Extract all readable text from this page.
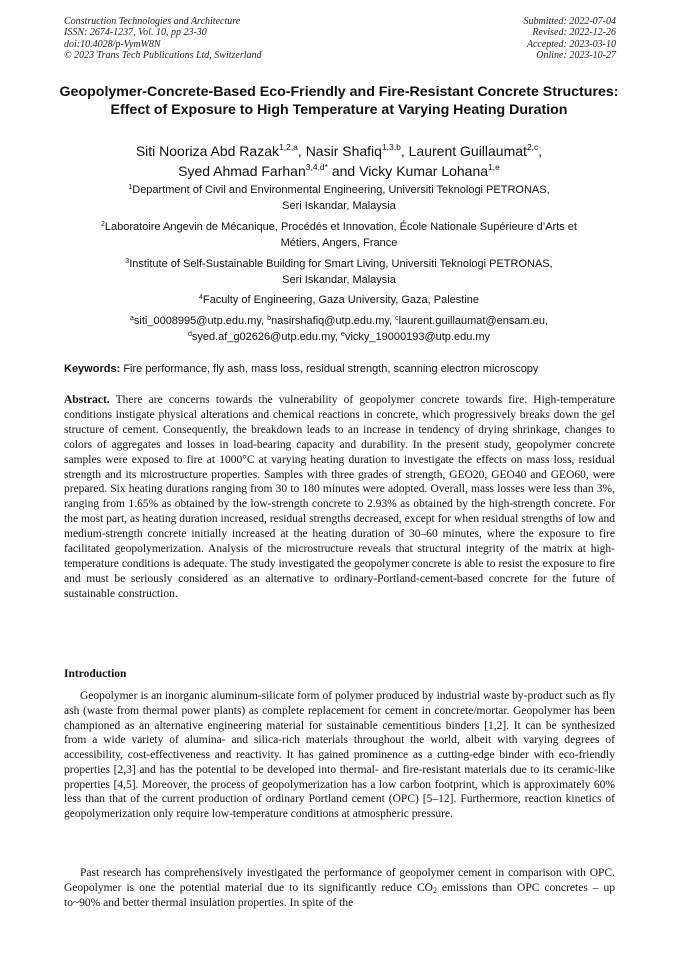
Construction Technologies and Architecture
ISSN: 2674-1237, Vol. 10, pp 23-30
doi:10.4028/p-VymW8N
© 2023 Trans Tech Publications Ltd, Switzerland
Submitted: 2022-07-04
Revised: 2022-12-26
Accepted: 2023-03-10
Online: 2023-10-27
Geopolymer-Concrete-Based Eco-Friendly and Fire-Resistant Concrete Structures: Effect of Exposure to High Temperature at Varying Heating Duration
Siti Nooriza Abd Razak$^{1,2,a}$, Nasir Shafiq$^{1,3,b}$, Laurent Guillaumat$^{2,c}$,
Syed Ahmad Farhan$^{3,4,d*}$ and Vicky Kumar Lohana$^{1,e}$
$^1$Department of Civil and Environmental Engineering, Universiti Teknologi PETRONAS,
Seri Iskandar, Malaysia
$^2$Laboratoire Angevin de Mécanique, Procédés et Innovation, École Nationale Supérieure d’Arts et
Métiers, Angers, France
$^3$Institute of Self-Sustainable Building for Smart Living, Universiti Teknologi PETRONAS,
Seri Iskandar, Malaysia
$^4$Faculty of Engineering, Gaza University, Gaza, Palestine
$^a$siti_0008995@utp.edu.my, $^b$nasirshafiq@utp.edu.my, $^c$laurent.guillaumat@ensam.eu,
$^d$syed.af_g02626@utp.edu.my, $^e$vicky_19000193@utp.edu.my
Keywords: Fire performance, fly ash, mass loss, residual strength, scanning electron microscopy
Abstract. There are concerns towards the vulnerability of geopolymer concrete towards fire. High-temperature conditions instigate physical alterations and chemical reactions in concrete, which progressively breaks down the gel structure of cement. Consequently, the breakdown leads to an increase in tendency of drying shrinkage, changes to colors of aggregates and losses in load-bearing capacity and durability. In the present study, geopolymer concrete samples were exposed to fire at 1000°C at varying heating duration to investigate the effects on mass loss, residual strength and its microstructure properties. Samples with three grades of strength, GEO20, GEO40 and GEO60, were prepared. Six heating durations ranging from 30 to 180 minutes were adopted. Overall, mass losses were less than 3%, ranging from 1.65% as obtained by the low-strength concrete to 2.93% as obtained by the high-strength concrete. For the most part, as heating duration increased, residual strengths decreased, except for when residual strengths of low and medium-strength concrete initially increased at the heating duration of 30–60 minutes, where the exposure to fire facilitated geopolymerization. Analysis of the microstructure reveals that structural integrity of the matrix at high-temperature conditions is adequate. The study investigated the geopolymer concrete is able to resist the exposure to fire and must be seriously considered as an alternative to ordinary-Portland-cement-based concrete for the future of sustainable construction.
Introduction
Geopolymer is an inorganic aluminum-silicate form of polymer produced by industrial waste by-product such as fly ash (waste from thermal power plants) as complete replacement for cement in concrete/mortar. Geopolymer has been championed as an alternative engineering material for sustainable cementitious binders [1,2]. It can be synthesized from a wide variety of alumina- and silica-rich materials throughout the world, albeit with varying degrees of accessibility, cost-effectiveness and reactivity. It has gained prominence as a cutting-edge binder with eco-friendly properties [2,3] and has the potential to be developed into thermal- and fire-resistant materials due to its ceramic-like properties [4,5]. Moreover, the process of geopolymerization has a low carbon footprint, which is approximately 60% less than that of the current production of ordinary Portland cement (OPC) [5–12]. Furthermore, reaction kinetics of geopolymerization only require low-temperature conditions at atmospheric pressure.
Past research has comprehensively investigated the performance of geopolymer cement in comparison with OPC. Geopolymer is one the potential material due to its significantly reduce $CO_2$ emissions than OPC concretes – up to~90% and better thermal insulation properties. In spite of the
